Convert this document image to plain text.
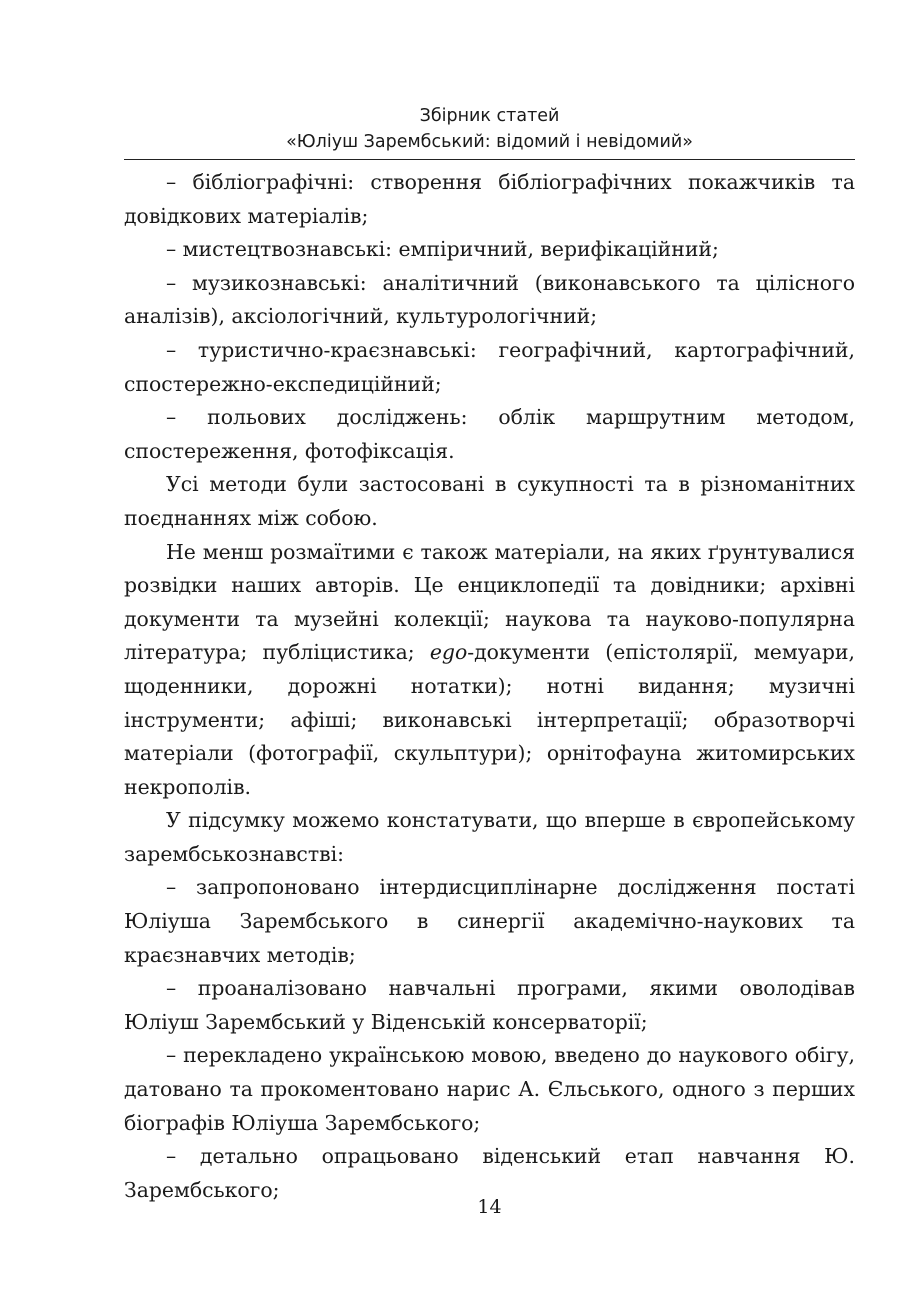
Збірник статей
«Юліуш Зарембський: відомий і невідомий»

– бібліографічні: створення бібліографічних покажчиків та довідкових матеріалів;

– мистецтвознавські: емпіричний, верифікаційний;

– музикознавські: аналітичний (виконавського та цілісного аналізів), аксіологічний, культурологічний;

– туристично-краєзнавські: географічний, картографічний, спостережно-експедиційний;

– польових досліджень: облік маршрутним методом, спостереження, фотофіксація.

Усі методи були застосовані в сукупності та в різноманітних поєднаннях між собою.

Не менш розмаїтими є також матеріали, на яких ґрунтувалися розвідки наших авторів. Це енциклопедії та довідники; архівні документи та музейні колекції; наукова та науково-популярна література; публіцистика; ego-документи (епістолярії, мемуари, щоденники, дорожні нотатки); нотні видання; музичні інструменти; афіші; виконавські інтерпретації; образотворчі матеріали (фотографії, скульптури); орнітофауна житомирських некрополів.

У підсумку можемо констатувати, що вперше в європейському зарембськознавстві:

– запропоновано інтердисциплінарне дослідження постаті Юліуша Зарембського в синергії академічно-наукових та краєзнавчих методів;

– проаналізовано навчальні програми, якими оволодівав Юліуш Зарембський у Віденській консерваторії;

– перекладено українською мовою, введено до наукового обігу, датовано та прокоментовано нарис А. Єльського, одного з перших біографів Юліуша Зарембського;

– детально опрацьовано віденський етап навчання Ю. Зарембського;

14
